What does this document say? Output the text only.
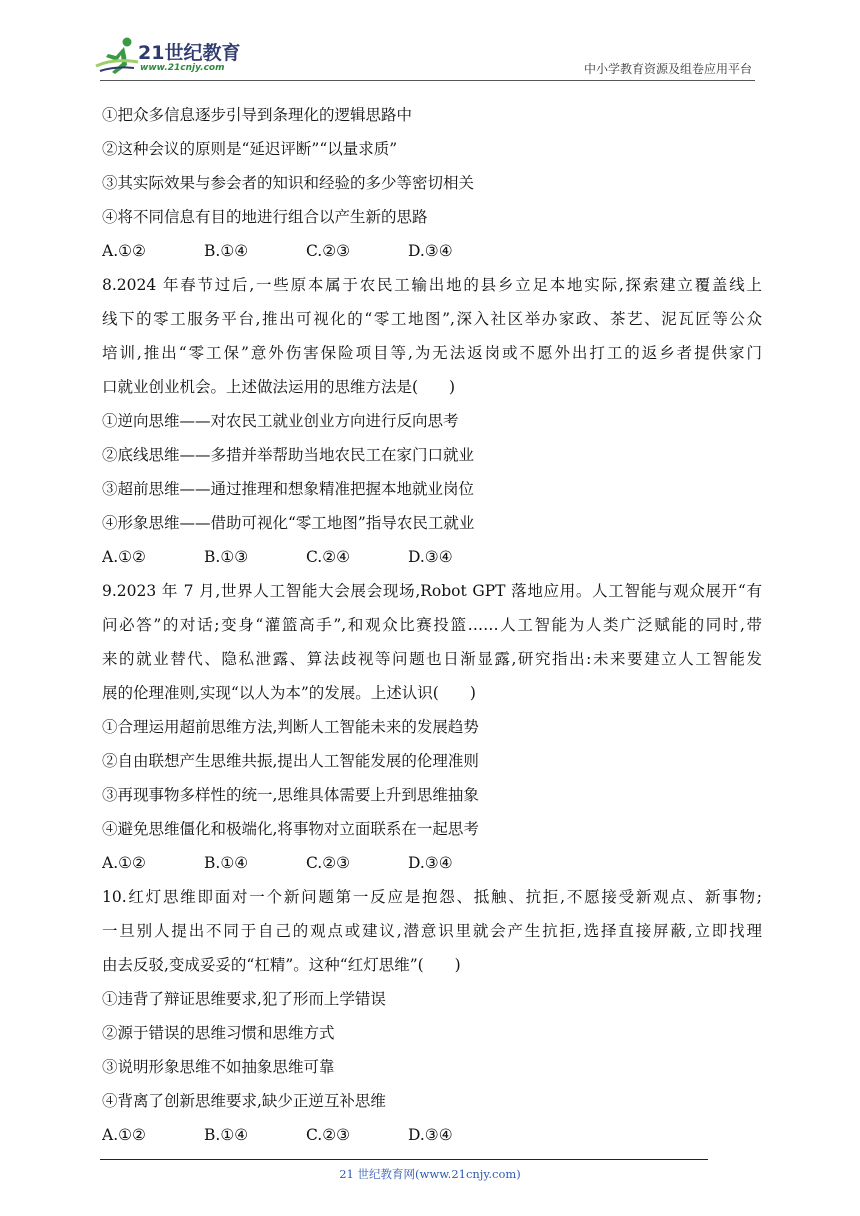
21世纪教育
www.21cnjy.com	中小学教育资源及组卷应用平台
①把众多信息逐步引导到条理化的逻辑思路中
②这种会议的原则是“延迟评断”“以量求质”
③其实际效果与参会者的知识和经验的多少等密切相关
④将不同信息有目的地进行组合以产生新的思路
A.①②	B.①④	C.②③	D.③④
8.2024 年春节过后,一些原本属于农民工输出地的县乡立足本地实际,探索建立覆盖线上
线下的零工服务平台,推出可视化的“零工地图”,深入社区举办家政、茶艺、泥瓦匠等公众
培训,推出“零工保”意外伤害保险项目等,为无法返岗或不愿外出打工的返乡者提供家门
口就业创业机会。上述做法运用的思维方法是(　　)
①逆向思维——对农民工就业创业方向进行反向思考
②底线思维——多措并举帮助当地农民工在家门口就业
③超前思维——通过推理和想象精准把握本地就业岗位
④形象思维——借助可视化“零工地图”指导农民工就业
A.①②	B.①③	C.②④	D.③④
9.2023 年 7 月,世界人工智能大会展会现场,Robot GPT 落地应用。人工智能与观众展开“有
问必答”的对话;变身“灌篮高手”,和观众比赛投篮……人工智能为人类广泛赋能的同时,带
来的就业替代、隐私泄露、算法歧视等问题也日渐显露,研究指出:未来要建立人工智能发
展的伦理准则,实现“以人为本”的发展。上述认识(　　)
①合理运用超前思维方法,判断人工智能未来的发展趋势
②自由联想产生思维共振,提出人工智能发展的伦理准则
③再现事物多样性的统一,思维具体需要上升到思维抽象
④避免思维僵化和极端化,将事物对立面联系在一起思考
A.①②	B.①④	C.②③	D.③④
10.红灯思维即面对一个新问题第一反应是抱怨、抵触、抗拒,不愿接受新观点、新事物;
一旦别人提出不同于自己的观点或建议,潜意识里就会产生抗拒,选择直接屏蔽,立即找理
由去反驳,变成妥妥的“杠精”。这种“红灯思维”(　　)
①违背了辩证思维要求,犯了形而上学错误
②源于错误的思维习惯和思维方式
③说明形象思维不如抽象思维可靠
④背离了创新思维要求,缺少正逆互补思维
A.①②	B.①④	C.②③	D.③④
21 世纪教育网(www.21cnjy.com)
